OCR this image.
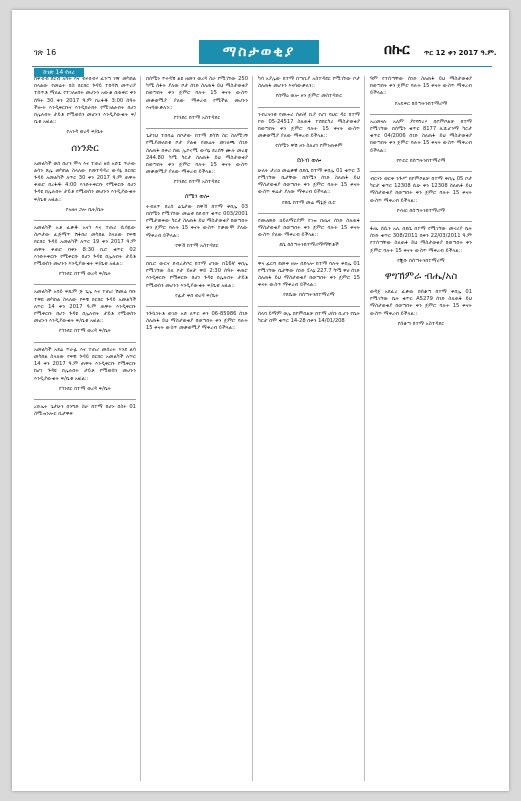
ገጽ 16	ማስታወቂያ	በኩር ጥር 12 ቀን 2017 ዓ.ም.
ከገጽ 14 የዞረ

በቅብብ ደርብ አባት እና ብሩክብሃ ፈንጣ ገዥ መካከል በላልው የመሬት ክስ ክርክር ጉዳይ ተከሳሽ መጥሪያ ተሰጥቶ ማለፈ የተገለፀበት መሆኑን አውቆ በጠቀር ቀን ሰዓት 30 ቀን 2017 ዓ.ም ከረፋዱ 3:00 ሰዓት ችሎት እንዲቀርቡና እንዲከራከሩ የሚገልፁበት ከሆነ በሌሉበት ታይቶ የሚወሰን መሆኑን እንዲያውቁት ፍ/ቤቱ አዟል::

የአንዳ ወረዳ ፍ/ቤት
ሰነንድር

አመልካች ወሰ በሆን ሞላ እና ተጠሪ ዘሰ አሸቴ ጥራው ልሳን ጸሌ መካከል ስላለው የመተዳዳሪ ውሳኔ ክርክር ጉዳይ አመልካች ለጥር 30 ቀን 2017 ዓ.ም ጠዋት ቀጠሮ ከረፋዱ 4:00 እንድትቀርቡ የሚቀርቡ ከሆነ ጉዳዩ በሌሉበት ታይቶ የሚወሰን መሆኑን እንዲያውቁት ፍ/ቤቱ አዟል::

የአዘዞ ጋሎ ቤት/ቤት

አመልካች አቶ ፈቃዱ አናጎ እና ተጠሪ ሲሳዬው ስጦታው ፈጅማጥ ሽፋከሪ መካከል ስላለው የፍቺ ክርክር ጉዳይ አመልካች ለጥር 19 ቀን 2017 ዓ.ም ጠዋት ቀጠሮ ከቀኑ 8:30 ቢሮ ቁጥር 02 እንድትቀርቡ የሚቀርቡ ከሆነ ጉዳዩ በሌሉበት ታይቶ የሚወሰን መሆኑን እንዲያውቁት ፍ/ቤቱ አዟል::

የጎንደር ከተማ ወረዳ ፍ/ቤት

አመልካች አባይ ፍጹም ጅ ጌሌ እና ተጠሪ ሽመሬ ባቡ ተዋበ መካከል ስላለው የፍቺ ክርክር ጉዳይ አመልካች ለጥር 14 ቀን 2017 ዓ.ም ጠዋት እንዲቀርቡ የሚቀርቡ ከሆነ ጉዳዩ በሌሉበት ታይቶ የሚወሰን መሆኑን እንዲያውቁት ፍ/ቤቱ አዟል::

የጎንደር ከተማ ወረዳ ፍ/ቤት

አመልካች አደሬ ጥራፊ እና ተጠሪ መሰረት እንደ ልሳ መካከል ስላለው የፍቺ ጉዳይ ክርክር አመልካች ለጥር 14 ቀን 2017 ዓ.ም ጠዋት እንዲቀርቡ የሚቀርቡ ከሆነ ጉዳዩ በሌሉበት ታይቶ የሚወሰን መሆኑን እንዲያውቁት ፍ/ቤቱ አዟል::

የጎንደር ከተማ ወረዳ ፍ/ቤት

ረድኤት ጌታሁን በንግድ ስራ ከተማ ከሆኑ በስሩ 01 ስሚዝንሎር ቢታዋቀ

በሰሜን ጥሩዳሽ ልዩ ዘመን ወረዳ ስራ የሚገኘው 250 ካሜ ስፋት ያለው ቦታ ሰነድ ስለጠፋ ይህ ማስታወቂያ ከወጣበት ቀን ጀምሮ ባሉት 15 ቀናት ውስጥ መቃወሚያ ያለው ማቅረብ የሚችል መሆኑን እናሳውቃለን::

የጎንደር ከተማ አስተዳደር

ጌታነህ ተበባሬ በቦታው ከተማ ደሳሽ ስር ስለሚገኝ የሚያመለክቱ ቦታ ያልቁ የመሬት መገለጫ ሰነድ ስለጠፋ በቀሪ ሰዉ ኢኮኖሚ ውሳኔ ደረሰኝ ሙሉ መረጃ 244.80 ካሜ ካርታ ስለጠፋ ይህ ማስታወቂያ ከወጣበት ቀን ጀምሮ ባሉት 15 ቀናት ውስጥ መቃወሚያ ያለው ማቅረብ ይችላል::

የጎንደር ከተማ አስተዳደር
ሰሜን ወሎ

ትብለጥ ደረሰ ሬጌታው በዋኸ ከተማ ቀበሌ 03 በሰሜን የሚገኘው መሬቱ በደብተ ቁጥር 003/2001 የሚታወቀው ካርታ ስለጠፋ ይህ ማስታወቂያ ከወጣበት ቀን ጀምሮ ባሉት 15 ቀናት ውስጥ ተቃውሞ ያለው ማቅረብ ይችላል::

የዋኸ ከተማ አስተዳደር

በቢሮ ውርና ደብረታቦር ከተማ ሆነው በ16ኛ ቀበሌ የሚገኘው ስለ ቦታ ይዞታ ዋይ 2:30 ሰዓት ቀጠሮ እንዲቀርቡ የሚቀርቡ ከሆነ ጉዳዩ በሌሉበት ታይቶ የሚወሰን መሆኑን እንዲያውቁት ፍ/ቤቱ አዟል::

የፊታ ቀበ ወረዳ ፍ/ቤት

ንጉሷነትቶ ወገድ አሸ ለጥር ቀን 06-85986 ሰነድ ስለጠፋ ይህ ማስታወቂያ ከወጣበት ቀን ጀምሮ ባሉት 15 ቀናት ውስጥ መቃወሚያ ማቅረብ ይችላል::

ካሳ አያሌው ከተማ በጣቢያ አስተዳደር የሚገኘው ቦታ ስለጠፋ መሆኑን እናሳውቃለን::

የሰማዕ ወሎ ዞን ጀምሮ መስተዳድር

ንብረትነቱ የመሐሪ ሰጠኛ ቢያ የሆነ ባህር ዳር ከተማ ኮድ 05-24517 ስለጠፋ ተሸከርካሪ ማስታወቂያ ከወጣበት ቀን ጀምሮ ባሉት 15 ቀናት ውስጥ መቃወሚያ ያለው ማቅረብ ይችላል::

የሰሜን ዋሽ ዞን ስለሆነ የምንጠቀም
ደቡብ ወሎ

ሁለት ታሪኃ መሬቃዊ በደሴ ከተማ ቀበሌ 01 ቁጥር 3 የሚገኘው ቤታቸው በሰሜን ሰነድ ስለጠፋ ይህ ማስታወቂያ ከወጣበት ቀን ጀምሮ ባሉት 15 ቀናት ውስጥ ቅሬታ ያለው ማቅረብ ይችላል::

የደሴ ከተማ መሬ ማኔጅ ቢሮ

የመሀመድ ኃይለማርያም የገዝ በጤና ሰነድ ስለጠፋ ማስታወቂያ ከወጣበት ቀን ጀምሮ ባሉት 15 ቀናት ውስጥ ያለው ማቅረብ ይችላል::

ደሴ ከሰጣትንከተማሪማማቸቶች

ዋና ፊርሻ ደመቀ ዘሎ በደላሎ ከተማ ባሉት ቀበሌ 01 የሚገኘው ቤታቸው ሰነድ ፒላኔ 227.7 ካሜ ዋሀ ሰነድ ስለጠፋ ይህ ማስታወቂያ ከወጣበት ቀን ጀምሮ 15 ቀናት ውስጥ ማቅረብ ይችላል::

የደሴው ከሰጣትንከተማሪማ

ሰላባ ይማም ወሌ በኮምበልቻ ከተማ ሀሰን ቢሆን የቤት ካርታ በሞ ቁጥር 14-28 በቀን 14/01/208

ዓም የተሰጣቸው ሰነድ ስለጠፋ ይህ ማስታወቂያ ከወጣበት ቀን ጀምሮ ባሉት 15 ቀናት ውስጥ ማቅረብ ይችላል::

የአዴፍር ከሰጣትንከተማሪማ

አረመናሉ አለም ያየባግረሃ በኮምቦልቻ ከተማ የሚገኘው በሰሜን ቁጥር 8177 ሊሺሆንማ ካርታ ቁጥር 04/2006 ሰነድ ስለጠፋ ይህ ማስታወቂያ ከወጣበት ቀን ጀምሮ ባሉት 15 ቀናት ውስጥ ማቅረብ ይችላል::

የዮርር ከሰጣትንከተማሪማ

ብርሃኑ ወርቅ ንጉሥ በኮምቦልቻ ከተማ ቀበሌ 05 ቦታ ካርታ ቁጥር 12308 ሲሁ ቀን 12308 ስለጠፋ ይህ ማስታወቂያ ከወጣበት ቀን ጀምሮ ባሉት 15 ቀናት ውስጥ ማቅረብ ይችላል::

የሃዘር ከሰጣትንከተማሪማ

ፋጤ ሰሲን አሊ በደሴ ከተማ የሚገኘው መኖሪያ ቤት ሰነድ ቁጥር 308/2011 በቀን 22/03/2011 ዓ.ም የተሰጣቸው ስለጠፋ ይህ ማስታወቂያ ከወጣበት ቀን ጀምሮ ባሉት 15 ቀናት ውስጥ ማቅረብ ይችላል::

የጂቡ ከሰጣትንከተማሪማ
ዋግኽምራ ብሔ/አስ

ወዳጀ አደፈረ ፈቃዉ በሰቆጣ ከተማ ቀበሌ 01 የሚገኘው ቤት ቁጥር A5279 ሰነድ ስለጠፋ ይህ ማስታወቂያ ከወጣበት ቀን ጀምሮ ባሉት 15 ቀናት ውስጥ ማቅረብ ይችላል::

የሰቆጣ ከተማ አስተዳደር
